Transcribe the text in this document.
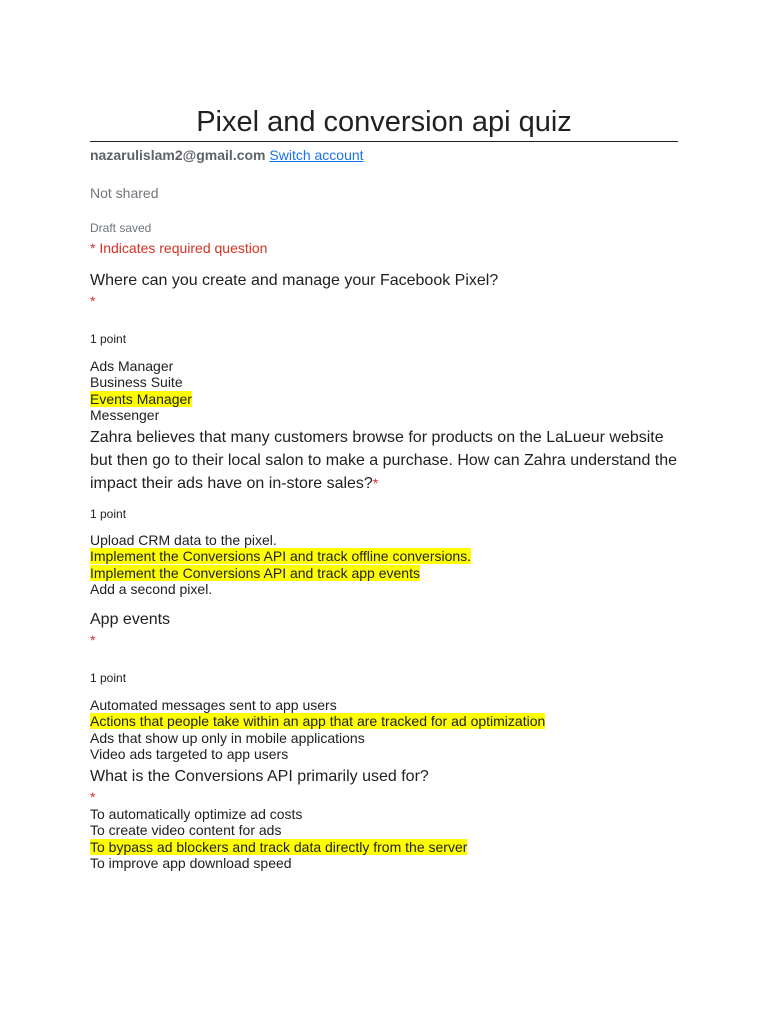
Pixel and conversion api quiz
nazarulislam2@gmail.com Switch account
Not shared
Draft saved
* Indicates required question
Where can you create and manage your Facebook Pixel?
*
1 point
Ads Manager
Business Suite
Events Manager
Messenger
Zahra believes that many customers browse for products on the LaLueur website but then go to their local salon to make a purchase. How can Zahra understand the impact their ads have on in-store sales?*
1 point
Upload CRM data to the pixel.
Implement the Conversions API and track offline conversions.
Implement the Conversions API and track app events
Add a second pixel.
App events
*
1 point
Automated messages sent to app users
Actions that people take within an app that are tracked for ad optimization
Ads that show up only in mobile applications
Video ads targeted to app users
What is the Conversions API primarily used for?
*
To automatically optimize ad costs
To create video content for ads
To bypass ad blockers and track data directly from the server
To improve app download speed
